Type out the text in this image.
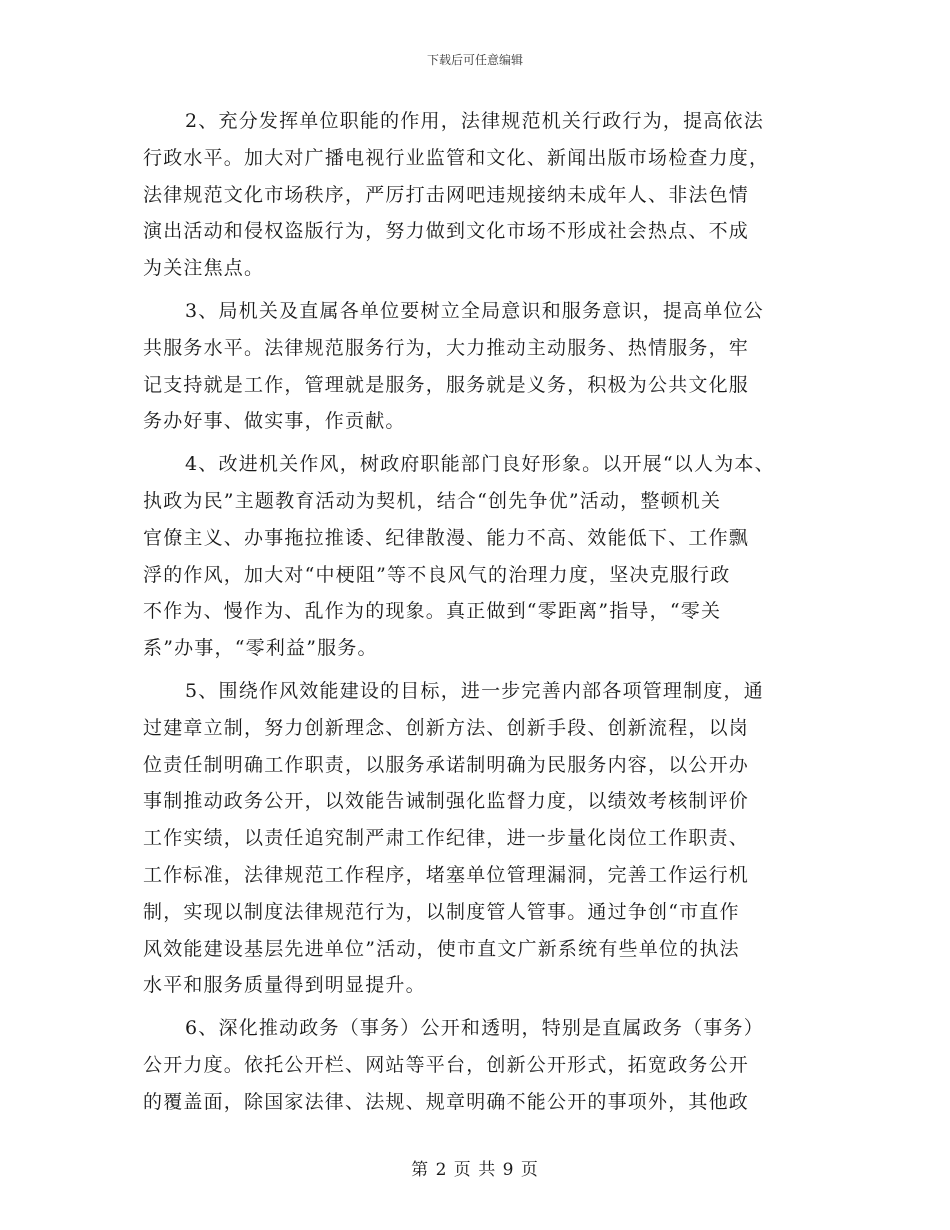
下载后可任意编辑
2、充分发挥单位职能的作用，法律规范机关行政行为，提高依法
行政水平。加大对广播电视行业监管和文化、新闻出版市场检查力度，
法律规范文化市场秩序，严厉打击网吧违规接纳未成年人、非法色情
演出活动和侵权盗版行为，努力做到文化市场不形成社会热点、不成
为关注焦点。
3、局机关及直属各单位要树立全局意识和服务意识，提高单位公
共服务水平。法律规范服务行为，大力推动主动服务、热情服务，牢
记支持就是工作，管理就是服务，服务就是义务，积极为公共文化服
务办好事、做实事，作贡献。
4、改进机关作风，树政府职能部门良好形象。以开展“以人为本、
执政为民”主题教育活动为契机，结合“创先争优”活动，整顿机关
官僚主义、办事拖拉推诿、纪律散漫、能力不高、效能低下、工作飘
浮的作风，加大对“中梗阻”等不良风气的治理力度，坚决克服行政
不作为、慢作为、乱作为的现象。真正做到“零距离”指导，“零关
系”办事，“零利益”服务。
5、围绕作风效能建设的目标，进一步完善内部各项管理制度，通
过建章立制，努力创新理念、创新方法、创新手段、创新流程，以岗
位责任制明确工作职责，以服务承诺制明确为民服务内容，以公开办
事制推动政务公开，以效能告诫制强化监督力度，以绩效考核制评价
工作实绩，以责任追究制严肃工作纪律，进一步量化岗位工作职责、
工作标准，法律规范工作程序，堵塞单位管理漏洞，完善工作运行机
制，实现以制度法律规范行为，以制度管人管事。通过争创“市直作
风效能建设基层先进单位”活动，使市直文广新系统有些单位的执法
水平和服务质量得到明显提升。
6、深化推动政务（事务）公开和透明，特别是直属政务（事务）
公开力度。依托公开栏、网站等平台，创新公开形式，拓宽政务公开
的覆盖面，除国家法律、法规、规章明确不能公开的事项外，其他政
第 2 页 共 9 页
